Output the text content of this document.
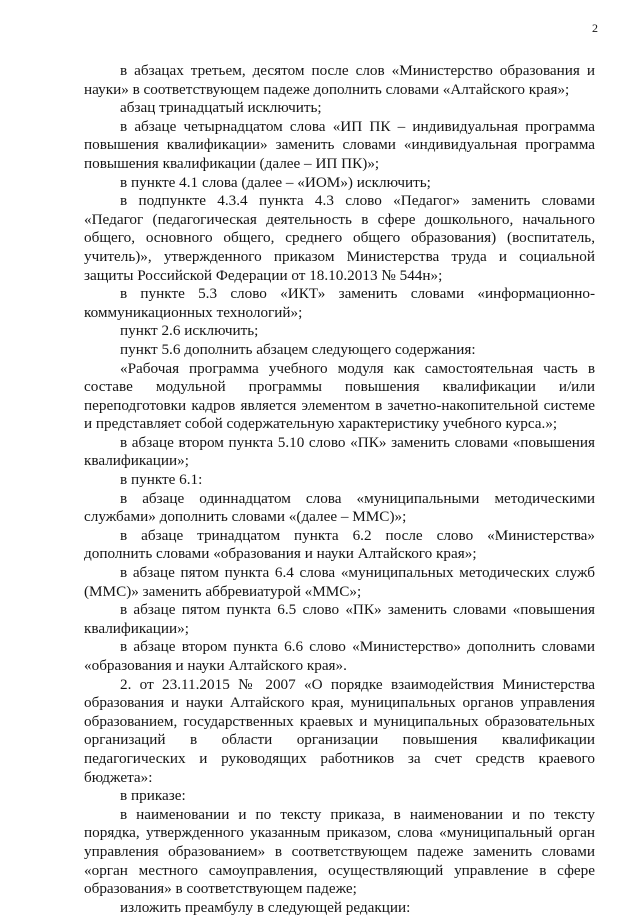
2

в абзацах третьем, десятом после слов «Министерство образования и науки» в соответствующем падеже дополнить словами «Алтайского края»;

абзац тринадцатый исключить;

в абзаце четырнадцатом слова «ИП ПК – индивидуальная программа повышения квалификации» заменить словами «индивидуальная программа повышения квалификации (далее – ИП ПК)»;

в пункте 4.1 слова (далее – «ИОМ») исключить;

в подпункте 4.3.4 пункта 4.3 слово «Педагог» заменить словами «Педагог (педагогическая деятельность в сфере дошкольного, начального общего, основного общего, среднего общего образования) (воспитатель, учитель)», утвержденного приказом Министерства труда и социальной защиты Российской Федерации от 18.10.2013 № 544н»;

в пункте 5.3 слово «ИКТ» заменить словами «информационно-коммуникационных технологий»;

пункт 2.6 исключить;

пункт 5.6 дополнить абзацем следующего содержания:

«Рабочая программа учебного модуля как самостоятельная часть в составе модульной программы повышения квалификации и/или переподготовки кадров является элементом в зачетно-накопительной системе и представляет собой содержательную характеристику учебного курса.»;

в абзаце втором пункта 5.10 слово «ПК» заменить словами «повышения квалификации»;

в пункте 6.1:

в абзаце одиннадцатом слова «муниципальными методическими службами» дополнить словами «(далее – ММС)»;

в абзаце тринадцатом пункта 6.2 после слово «Министерства» дополнить словами «образования и науки Алтайского края»;

в абзаце пятом пункта 6.4 слова «муниципальных методических служб (ММС)» заменить аббревиатурой «ММС»;

в абзаце пятом пункта 6.5 слово «ПК» заменить словами «повышения квалификации»;

в абзаце втором пункта 6.6 слово «Министерство» дополнить словами «образования и науки Алтайского края».

2. от 23.11.2015 № 2007 «О порядке взаимодействия Министерства образования и науки Алтайского края, муниципальных органов управления образованием, государственных краевых и муниципальных образовательных организаций в области организации повышения квалификации педагогических и руководящих работников за счет средств краевого бюджета»:

в приказе:

в наименовании и по тексту приказа, в наименовании и по тексту порядка, утвержденного указанным приказом, слова «муниципальный орган управления образованием» в соответствующем падеже заменить словами «орган местного самоуправления, осуществляющий управление в сфере образования» в соответствующем падеже;

изложить преамбулу в следующей редакции:
